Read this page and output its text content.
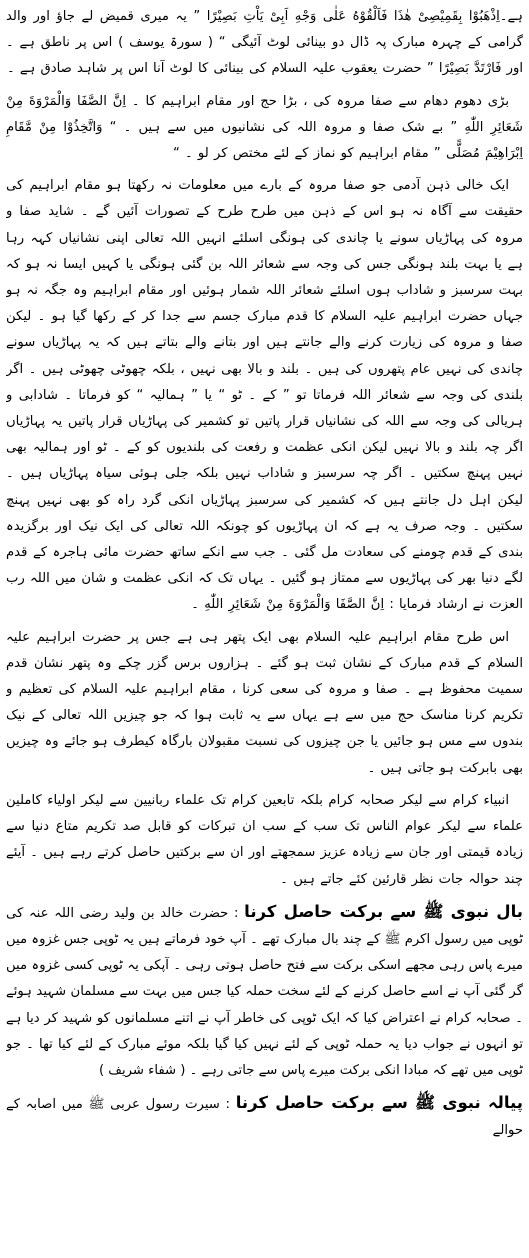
ہے۔اِذْهَبُوْا بِقَمِيْصِیْ هٰذَا فَاَلْقُوْهُ عَلٰی وَجْهِ اَبِیْ يَاْتِ بَصِيْرًا ” یہ میری قمیض لے جاؤ اور والد گرامی کے چہرہ مبارک پہ ڈال دو بینائی لوٹ آئیگی “ ( سورۃ یوسف ) اس پر ناطق ہے ۔ اور فَارْتَدَّ بَصِيْرًا ” حضرت یعقوب علیہ السلام کی بینائی کا لوٹ آنا اس پر شاہد صادق ہے ۔

بڑی دھوم دھام سے صفا مروہ کی ، بڑا حج اور مقام ابراہیم کا ۔ اِنَّ الصَّفَا وَالْمَرْوَةَ مِنْ شَعَائِرِ اللّٰهِ ” بے شک صفا و مروہ اللہ کی نشانیوں میں سے ہیں ۔ “ وَاتَّخِذُوْا مِنْ مَّقَامِ اِبْرَاهِيْمَ مُصَلًّی ” مقام ابراہیم کو نماز کے لئے مختص کر لو ۔ “

ایک خالی ذہن آدمی جو صفا مروہ کے بارے میں معلومات نہ رکھتا ہو مقام ابراہیم کی حقیقت سے آگاہ نہ ہو اس کے ذہن میں طرح طرح کے تصورات آئیں گے ۔ شاید صفا و مروہ کی پہاڑیاں سونے یا چاندی کی ہونگی اسلئے انہیں اللہ تعالی اپنی نشانیاں کہہ رہا ہے یا بہت بلند ہونگی جس کی وجہ سے شعائر اللہ بن گئی ہونگی یا کہیں ایسا نہ ہو کہ بہت سرسبز و شاداب ہوں اسلئے شعائر اللہ شمار ہوئیں اور مقام ابراہیم وہ جگہ نہ ہو جہاں حضرت ابراہیم علیہ السلام کا قدم مبارک جسم سے جدا کر کے رکھا گیا ہو ۔ لیکن صفا و مروہ کی زیارت کرنے والے جانتے ہیں اور بتانے والے بتاتے ہیں کہ یہ پہاڑیاں سونے چاندی کی نہیں عام پتھروں کی ہیں ۔ بلند و بالا بھی نہیں ، بلکہ چھوٹی چھوٹی ہیں ۔ اگر بلندی کی وجہ سے شعائر اللہ فرماتا تو ” کے ۔ ٹو “ یا ” ہمالیہ “ کو فرماتا ۔ شادابی و ہریالی کی وجہ سے اللہ کی نشانیاں قرار پاتیں تو کشمیر کی پہاڑیاں قرار پاتیں یہ پہاڑیاں اگر چہ بلند و بالا نہیں لیکن انکی عظمت و رفعت کی بلندیوں کو کے ۔ ٹو اور ہمالیہ بھی نہیں پہنچ سکتیں ۔ اگر چہ سرسبز و شاداب نہیں بلکہ جلی ہوئی سیاہ پہاڑیاں ہیں ۔ لیکن اہل دل جانتے ہیں کہ کشمیر کی سرسبز پہاڑیاں انکی گرد راہ کو بھی نہیں پہنچ سکتیں ۔ وجہ صرف یہ ہے کہ ان پہاڑیوں کو چونکہ اللہ تعالی کی ایک نیک اور برگزیدہ بندی کے قدم چومنے کی سعادت مل گئی ۔ جب سے انکے ساتھ حضرت مائی ہاجرہ کے قدم لگے دنیا بھر کی پہاڑیوں سے ممتاز ہو گئیں ۔ یہاں تک کہ انکی عظمت و شان میں اللہ رب العزت نے ارشاد فرمایا : اِنَّ الصَّفَا وَالْمَرْوَةَ مِنْ شَعَائِرِ اللّٰهِ ۔

اس طرح مقام ابراہیم علیہ السلام بھی ایک پتھر ہی ہے جس پر حضرت ابراہیم علیہ السلام کے قدم مبارک کے نشان ثبت ہو گئے ۔ ہزاروں برس گزر چکے وہ پتھر نشان قدم سمیت محفوظ ہے ۔ صفا و مروہ کی سعی کرنا ، مقام ابراہیم علیہ السلام کی تعظیم و تکریم کرنا مناسک حج میں سے ہے یہاں سے یہ ثابت ہوا کہ جو چیزیں اللہ تعالی کے نیک بندوں سے مس ہو جائیں یا جن چیزوں کی نسبت مقبولان بارگاہ کیطرف ہو جائے وہ چیزیں بھی بابرکت ہو جاتی ہیں ۔

انبیاء کرام سے لیکر صحابہ کرام بلکہ تابعین کرام تک علماء ربانیین سے لیکر اولیاء کاملین علماء سے لیکر عوام الناس تک سب کے سب ان تبرکات کو قابل صد تکریم متاع دنیا سے زیادہ قیمتی اور جان سے زیادہ عزیز سمجھتے اور ان سے برکتیں حاصل کرتے رہے ہیں ۔ آیئے چند حوالہ جات نظر قارئین کئے جاتے ہیں ۔

بال نبوی ﷺ سے برکت حاصل کرنا : حضرت خالد بن ولید رضی اللہ عنہ کی ٹوپی میں رسول اکرم ﷺ کے چند بال مبارک تھے ۔ آپ خود فرماتے ہیں یہ ٹوپی جس غزوہ میں میرے پاس رہی مجھے اسکی برکت سے فتح حاصل ہوتی رہی ۔ آپکی یہ ٹوپی کسی غزوہ میں گر گئی آپ نے اسے حاصل کرنے کے لئے سخت حملہ کیا جس میں بہت سے مسلمان شہید ہوئے ۔ صحابہ کرام نے اعتراض کیا کہ ایک ٹوپی کی خاطر آپ نے اتنے مسلمانوں کو شہید کر دیا ہے تو انہوں نے جواب دیا یہ حملہ ٹوپی کے لئے نہیں کیا گیا بلکہ موئے مبارک کے لئے کیا تھا ۔ جو ٹوپی میں تھے کہ مبادا انکی برکت میرے پاس سے جاتی رہے ۔ ( شفاء شریف )

پیالہ نبوی ﷺ سے برکت حاصل کرنا : سیرت رسول عربی ﷺ میں اصابہ کے حوالے
